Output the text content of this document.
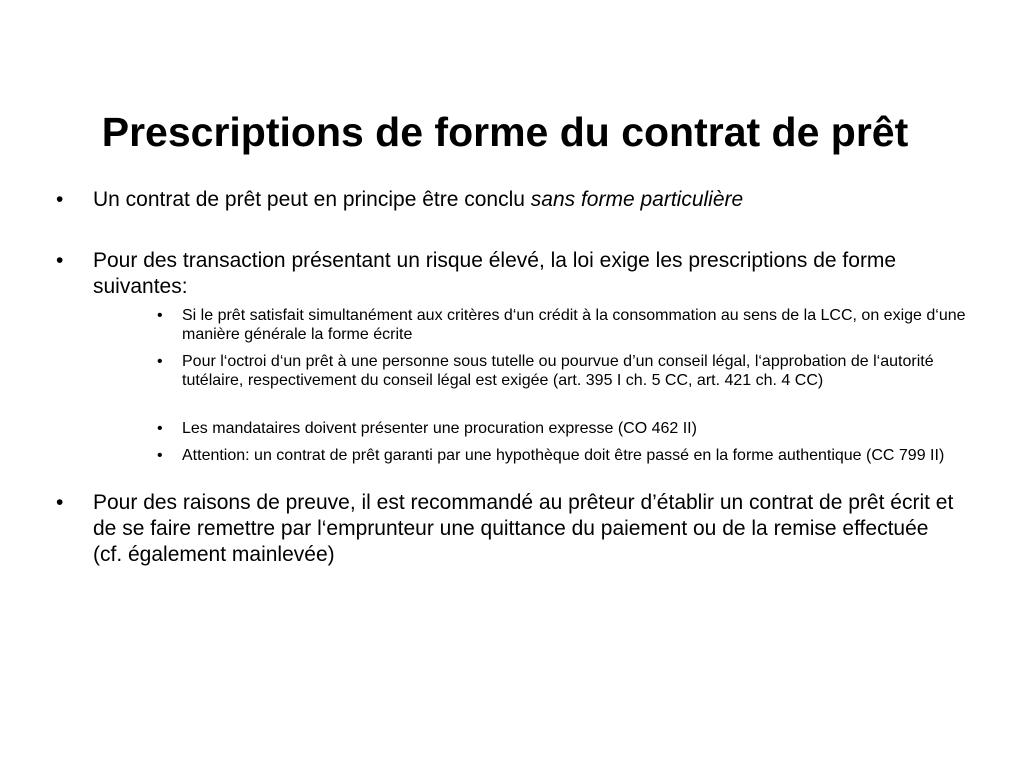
Prescriptions de forme du contrat de prêt
• Un contrat de prêt peut en principe être conclu sans forme particulière
• Pour des transaction présentant un risque élevé, la loi exige les prescriptions de forme suivantes:
• Si le prêt satisfait simultanément aux critères d‘un crédit à la consommation au sens de la LCC, on exige d‘une manière générale la forme écrite
• Pour l‘octroi d‘un prêt à une personne sous tutelle ou pourvue d’un conseil légal, l‘approbation de l‘autorité tutélaire, respectivement du conseil légal est exigée (art. 395 I ch. 5 CC, art. 421 ch. 4 CC)
• Les mandataires doivent présenter une procuration expresse (CO 462 II)
• Attention: un contrat de prêt garanti par une hypothèque doit être passé en la forme authentique (CC 799 II)
• Pour des raisons de preuve, il est recommandé au prêteur d’établir un contrat de prêt écrit et de se faire remettre par l‘emprunteur une quittance du paiement ou de la remise effectuée (cf. également mainlevée)
